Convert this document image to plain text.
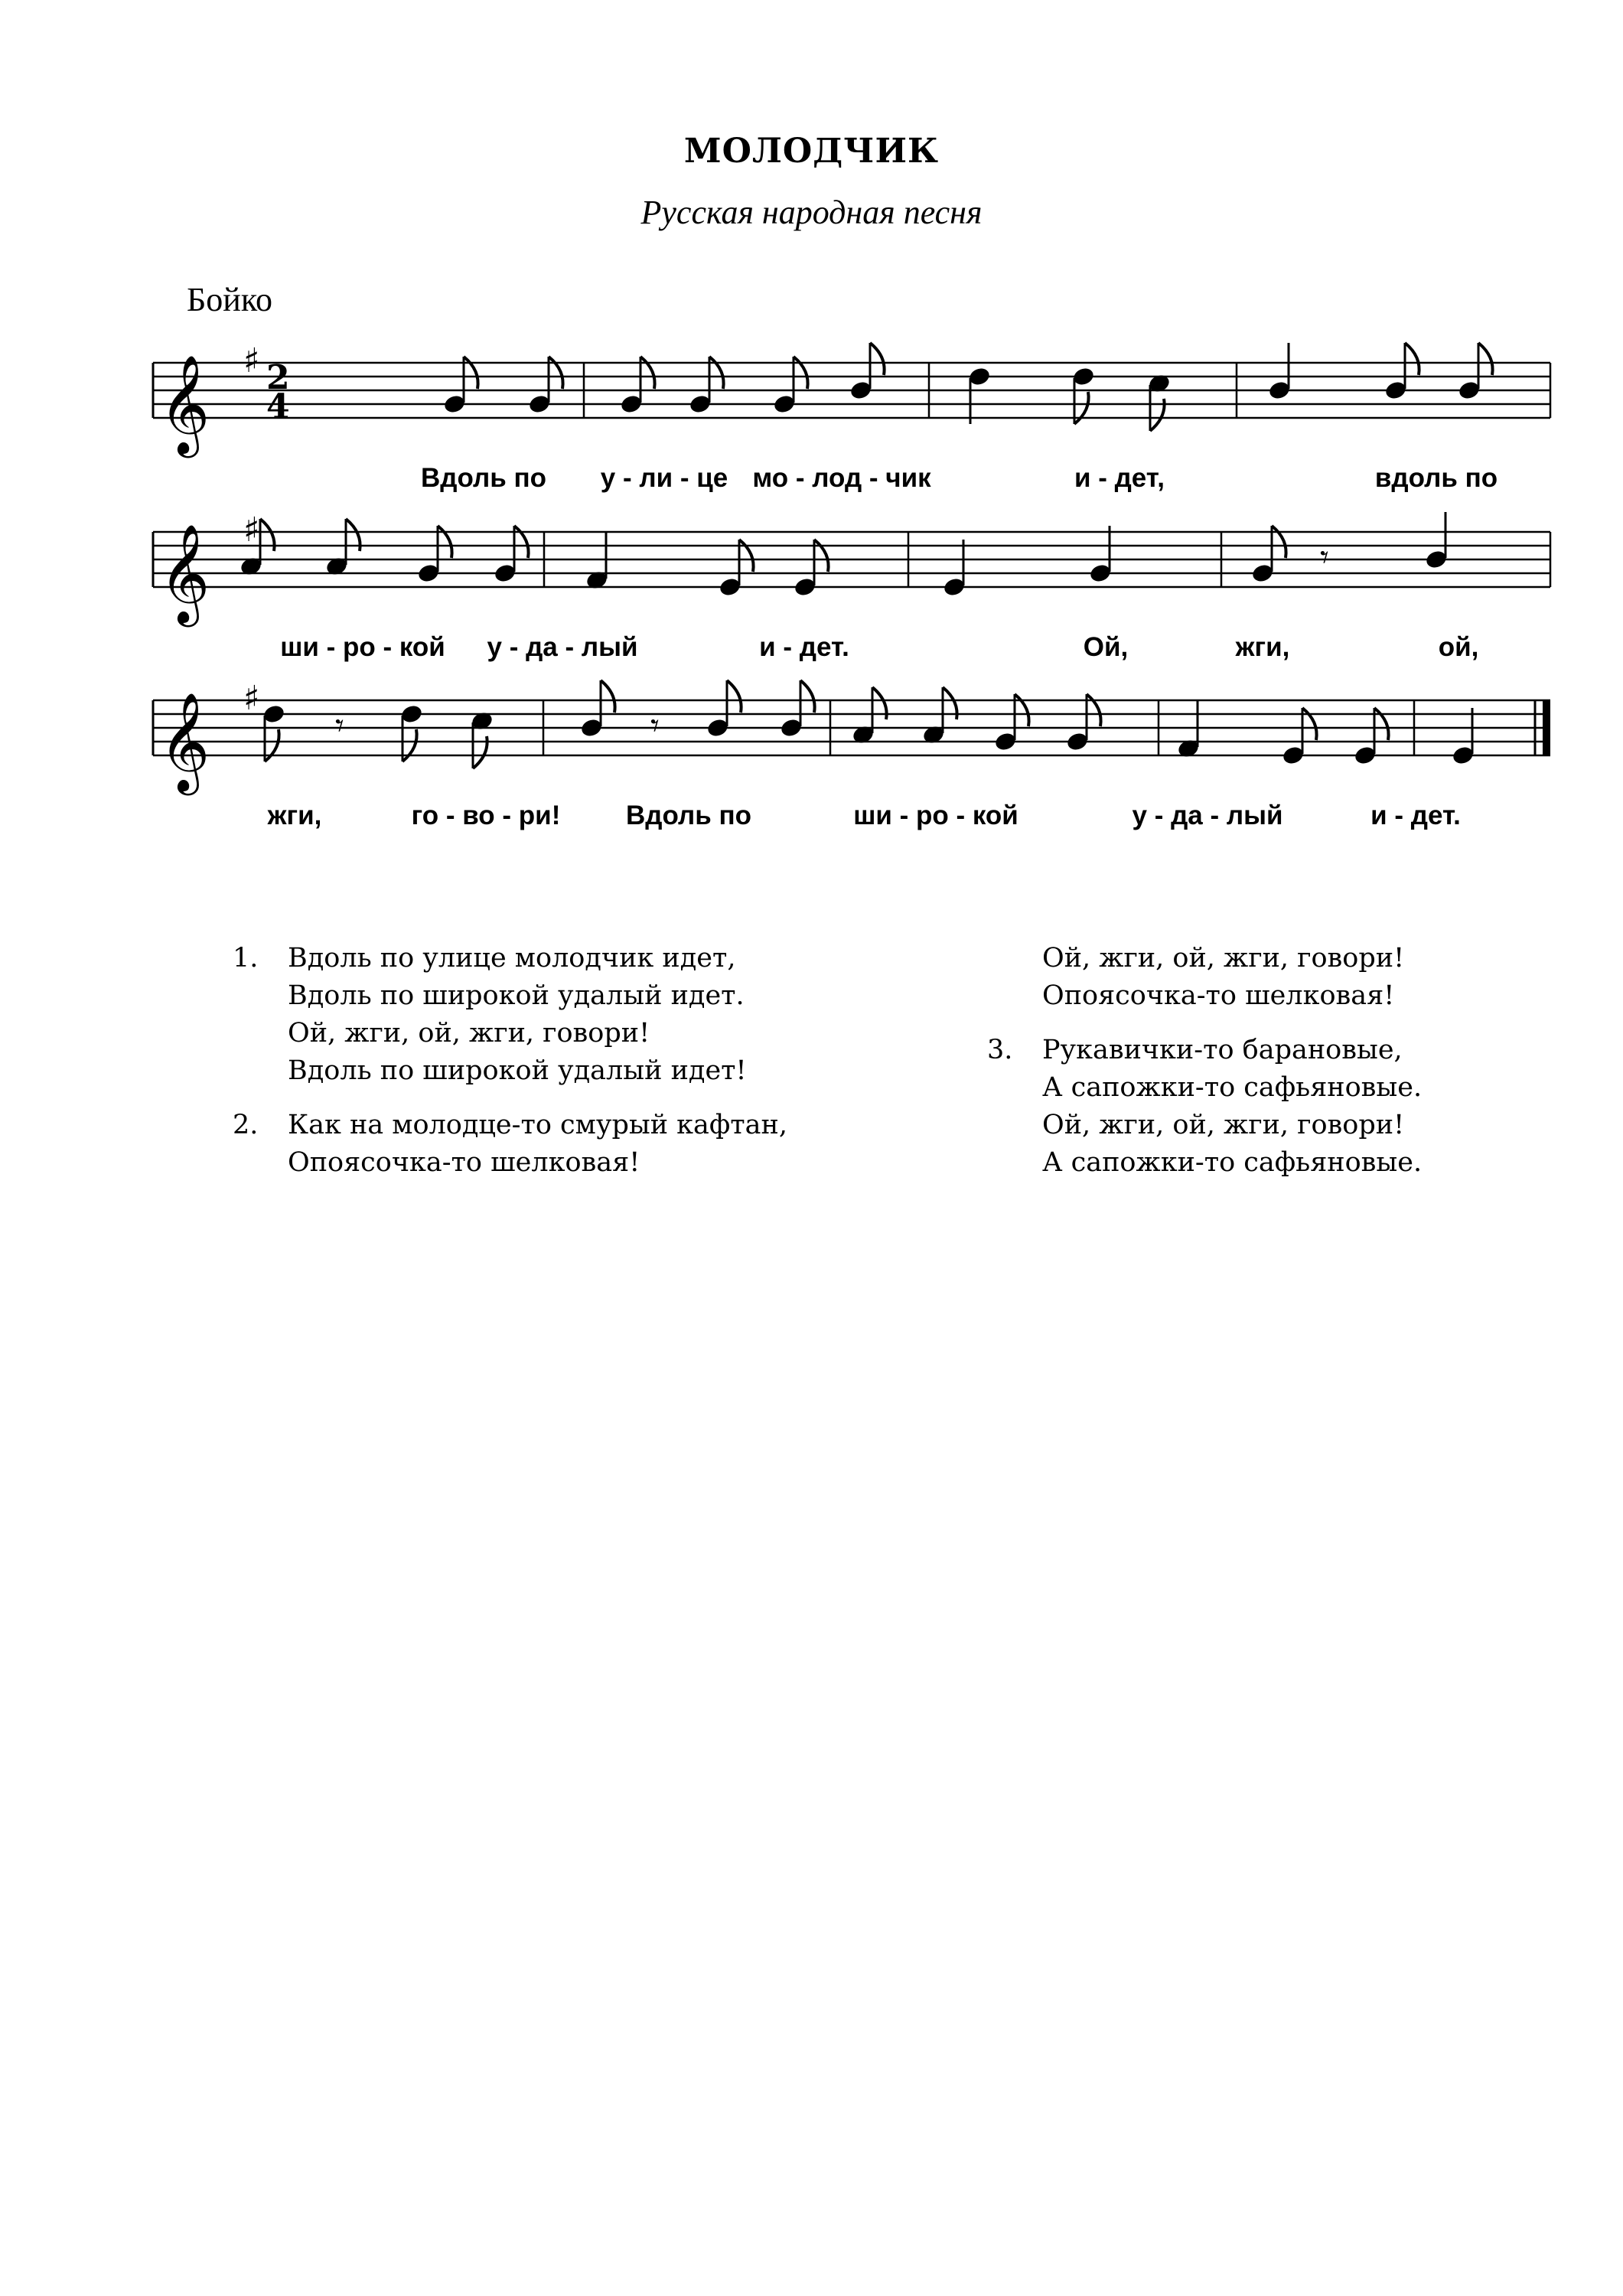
МОЛОДЧИК
Русская народная песня
Бойко
𝄞 ♯ 2
4
𝄞 ♯
𝄞 ♯
𝄾
𝄾	𝄾
Вдоль по у - ли - це мо - лод - чик	и - дет,	вдоль по
ши - ро - кой у - да - лый	и - дет.	Ой,	жги,	ой,
жги,	го - во - ри! Вдоль по	ши - ро - кой	у - да - лый	и - дет.
1. Вдоль по улице молодчик идет,
Вдоль по широкой удалый идет.
Ой, жги, ой, жги, говори!
Вдоль по широкой удалый идет!
2. Как на молодце-то смурый кафтан,
Опоясочка-то шелковая!
Ой, жги, ой, жги, говори!
Опоясочка-то шелковая!
3. Рукавички-то барановые,
А сапожки-то сафьяновые.
Ой, жги, ой, жги, говори!
А сапожки-то сафьяновые.
